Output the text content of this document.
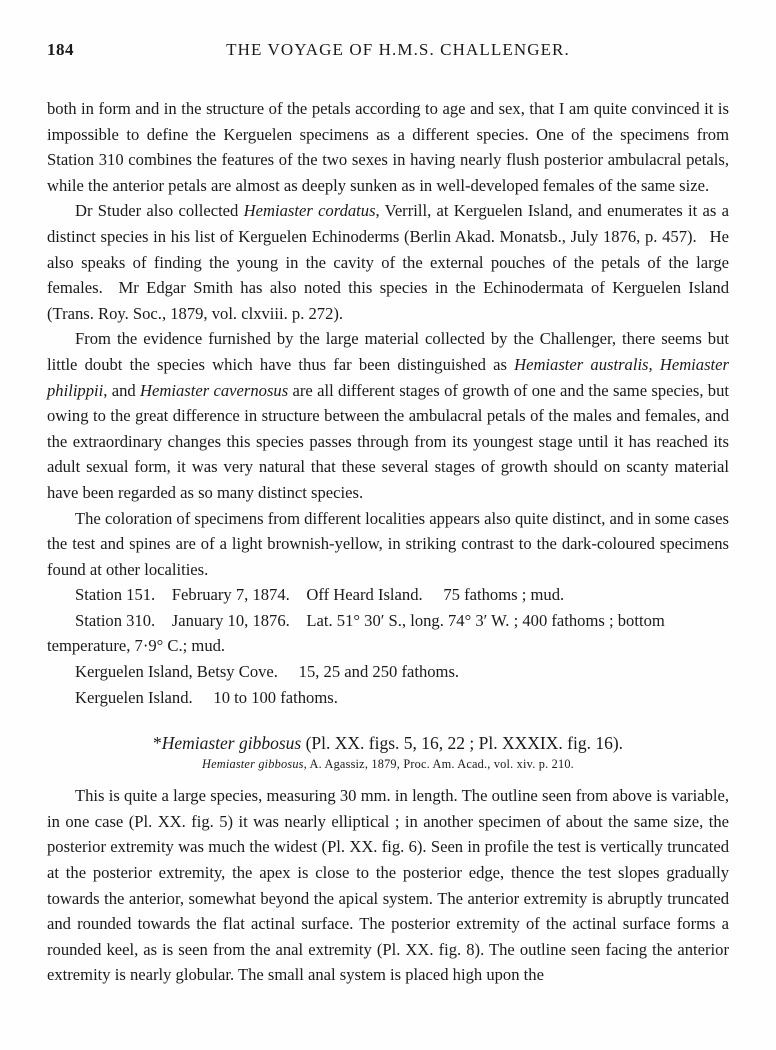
184	THE VOYAGE OF H.M.S. CHALLENGER.

both in form and in the structure of the petals according to age and sex, that I am quite convinced it is impossible to define the Kerguelen specimens as a different species. One of the specimens from Station 310 combines the features of the two sexes in having nearly flush posterior ambulacral petals, while the anterior petals are almost as deeply sunken as in well-developed females of the same size.

Dr Studer also collected Hemiaster cordatus, Verrill, at Kerguelen Island, and enumerates it as a distinct species in his list of Kerguelen Echinoderms (Berlin Akad. Monatsb., July 1876, p. 457).  He also speaks of finding the young in the cavity of the external pouches of the petals of the large females.  Mr Edgar Smith has also noted this species in the Echinodermata of Kerguelen Island (Trans. Roy. Soc., 1879, vol. clxviii. p. 272).

From the evidence furnished by the large material collected by the Challenger, there seems but little doubt the species which have thus far been distinguished as Hemiaster australis, Hemiaster philippii, and Hemiaster cavernosus are all different stages of growth of one and the same species, but owing to the great difference in structure between the ambulacral petals of the males and females, and the extraordinary changes this species passes through from its youngest stage until it has reached its adult sexual form, it was very natural that these several stages of growth should on scanty material have been regarded as so many distinct species.

The coloration of specimens from different localities appears also quite distinct, and in some cases the test and spines are of a light brownish-yellow, in striking contrast to the dark-coloured specimens found at other localities.

Station 151. February 7, 1874. Off Heard Island.  75 fathoms ; mud.

Station 310. January 10, 1876. Lat. 51° 30′ S., long. 74° 3′ W. ; 400 fathoms ; bottom temperature, 7·9° C.; mud.

Kerguelen Island, Betsy Cove.  15, 25 and 250 fathoms.

Kerguelen Island.  10 to 100 fathoms.

*Hemiaster gibbosus (Pl. XX. figs. 5, 16, 22 ; Pl. XXXIX. fig. 16).
Hemiaster gibbosus, A. Agassiz, 1879, Proc. Am. Acad., vol. xiv. p. 210.

This is quite a large species, measuring 30 mm. in length. The outline seen from above is variable, in one case (Pl. XX. fig. 5) it was nearly elliptical ; in another specimen of about the same size, the posterior extremity was much the widest (Pl. XX. fig. 6). Seen in profile the test is vertically truncated at the posterior extremity, the apex is close to the posterior edge, thence the test slopes gradually towards the anterior, somewhat beyond the apical system. The anterior extremity is abruptly truncated and rounded towards the flat actinal surface. The posterior extremity of the actinal surface forms a rounded keel, as is seen from the anal extremity (Pl. XX. fig. 8). The outline seen facing the anterior extremity is nearly globular. The small anal system is placed high upon the
